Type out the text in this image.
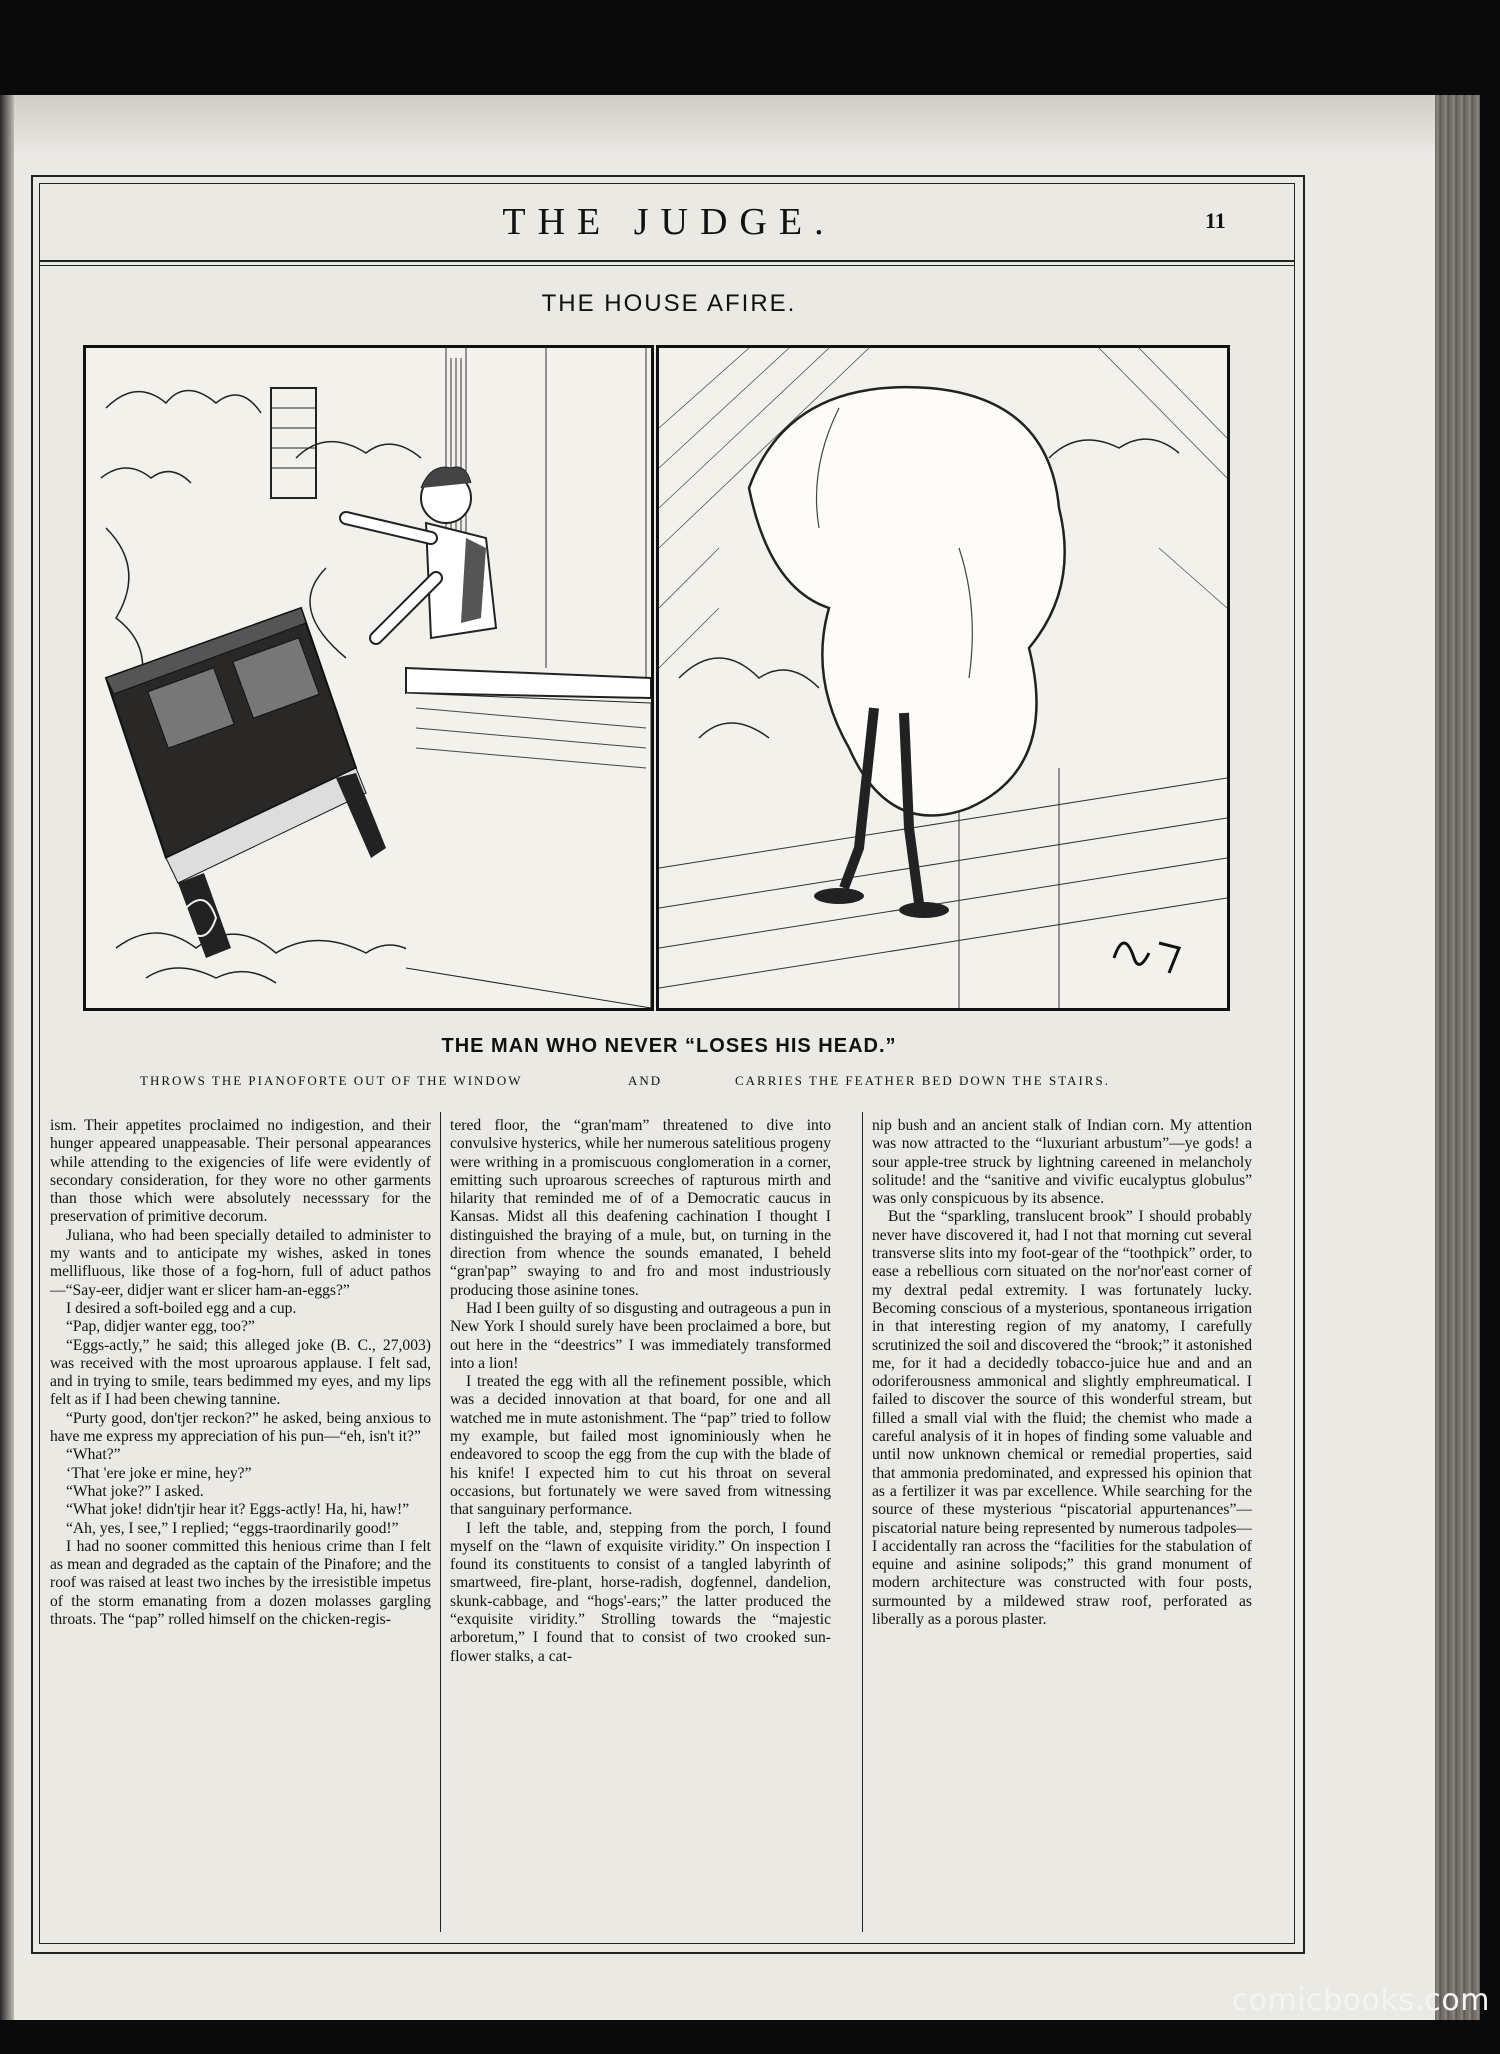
THE JUDGE.	11
THE HOUSE AFIRE.
THE MAN WHO NEVER “LOSES HIS HEAD.”
THROWS THE PIANOFORTE OUT OF THE WINDOW	AND	CARRIES THE FEATHER BED DOWN THE STAIRS.

ism. Their appetites proclaimed no indigestion, and their hunger appeared unappeasable. Their personal appearances while attending to the exigencies of life were evidently of secondary consideration, for they wore no other garments than those which were absolutely necesssary for the preservation of primitive decorum.

Juliana, who had been specially detailed to administer to my wants and to anticipate my wishes, asked in tones mellifluous, like those of a fog-horn, full of aduct pathos—“Say-eer, didjer want er slicer ham-an-eggs?”

I desired a soft-boiled egg and a cup.

“Pap, didjer wanter egg, too?”

“Eggs-actly,” he said; this alleged joke (B. C., 27,003) was received with the most uproarous applause. I felt sad, and in trying to smile, tears bedimmed my eyes, and my lips felt as if I had been chewing tannine.

“Purty good, don'tjer reckon?” he asked, being anxious to have me express my appreciation of his pun—“eh, isn't it?”

“What?”

‘That 'ere joke er mine, hey?”

“What joke?” I asked.

“What joke! didn'tjir hear it? Eggs-actly! Ha, hi, haw!”

“Ah, yes, I see,” I replied; “eggs-traordinarily good!”

I had no sooner committed this henious crime than I felt as mean and degraded as the captain of the Pinafore; and the roof was raised at least two inches by the irresistible impetus of the storm emanating from a dozen molasses gargling throats. The “pap” rolled himself on the chicken-regis-

tered floor, the “gran'mam” threatened to dive into convulsive hysterics, while her numerous satelitious progeny were writhing in a promiscuous conglomeration in a corner, emitting such uproarous screeches of rapturous mirth and hilarity that reminded me of of a Democratic caucus in Kansas. Midst all this deafening cachination I thought I distinguished the braying of a mule, but, on turning in the direction from whence the sounds emanated, I beheld “gran'pap” swaying to and fro and most industriously producing those asinine tones.

Had I been guilty of so disgusting and outrageous a pun in New York I should surely have been proclaimed a bore, but out here in the “deestrics” I was immediately transformed into a lion!

I treated the egg with all the refinement possible, which was a decided innovation at that board, for one and all watched me in mute astonishment. The “pap” tried to follow my example, but failed most ignominiously when he endeavored to scoop the egg from the cup with the blade of his knife! I expected him to cut his throat on several occasions, but fortunately we were saved from witnessing that sanguinary performance.

I left the table, and, stepping from the porch, I found myself on the “lawn of exquisite viridity.” On inspection I found its constituents to consist of a tangled labyrinth of smartweed, fire-plant, horse-radish, dogfennel, dandelion, skunk-cabbage, and “hogs'-ears;” the latter produced the “exquisite viridity.” Strolling towards the “majestic arboretum,” I found that to consist of two crooked sun-flower stalks, a cat-

nip bush and an ancient stalk of Indian corn. My attention was now attracted to the “luxuriant arbustum”—ye gods! a sour apple-tree struck by lightning careened in melancholy solitude! and the “sanitive and vivific eucalyptus globulus” was only conspicuous by its absence.

But the “sparkling, translucent brook” I should probably never have discovered it, had I not that morning cut several transverse slits into my foot-gear of the “toothpick” order, to ease a rebellious corn situated on the nor'nor'east corner of my dextral pedal extremity. I was fortunately lucky. Becoming conscious of a mysterious, spontaneous irrigation in that interesting region of my anatomy, I carefully scrutinized the soil and discovered the “brook;” it astonished me, for it had a decidedly tobacco-juice hue and and an odoriferousness ammonical and slightly emphreumatical. I failed to discover the source of this wonderful stream, but filled a small vial with the fluid; the chemist who made a careful analysis of it in hopes of finding some valuable and until now unknown chemical or remedial properties, said that ammonia predominated, and expressed his opinion that as a fertilizer it was par excellence. While searching for the source of these mysterious “piscatorial appurtenances”—piscatorial nature being represented by numerous tadpoles—I accidentally ran across the “facilities for the stabulation of equine and asinine solipods;” this grand monument of modern architecture was constructed with four posts, surmounted by a mildewed straw roof, perforated as liberally as a porous plaster.

comicbooks.com
